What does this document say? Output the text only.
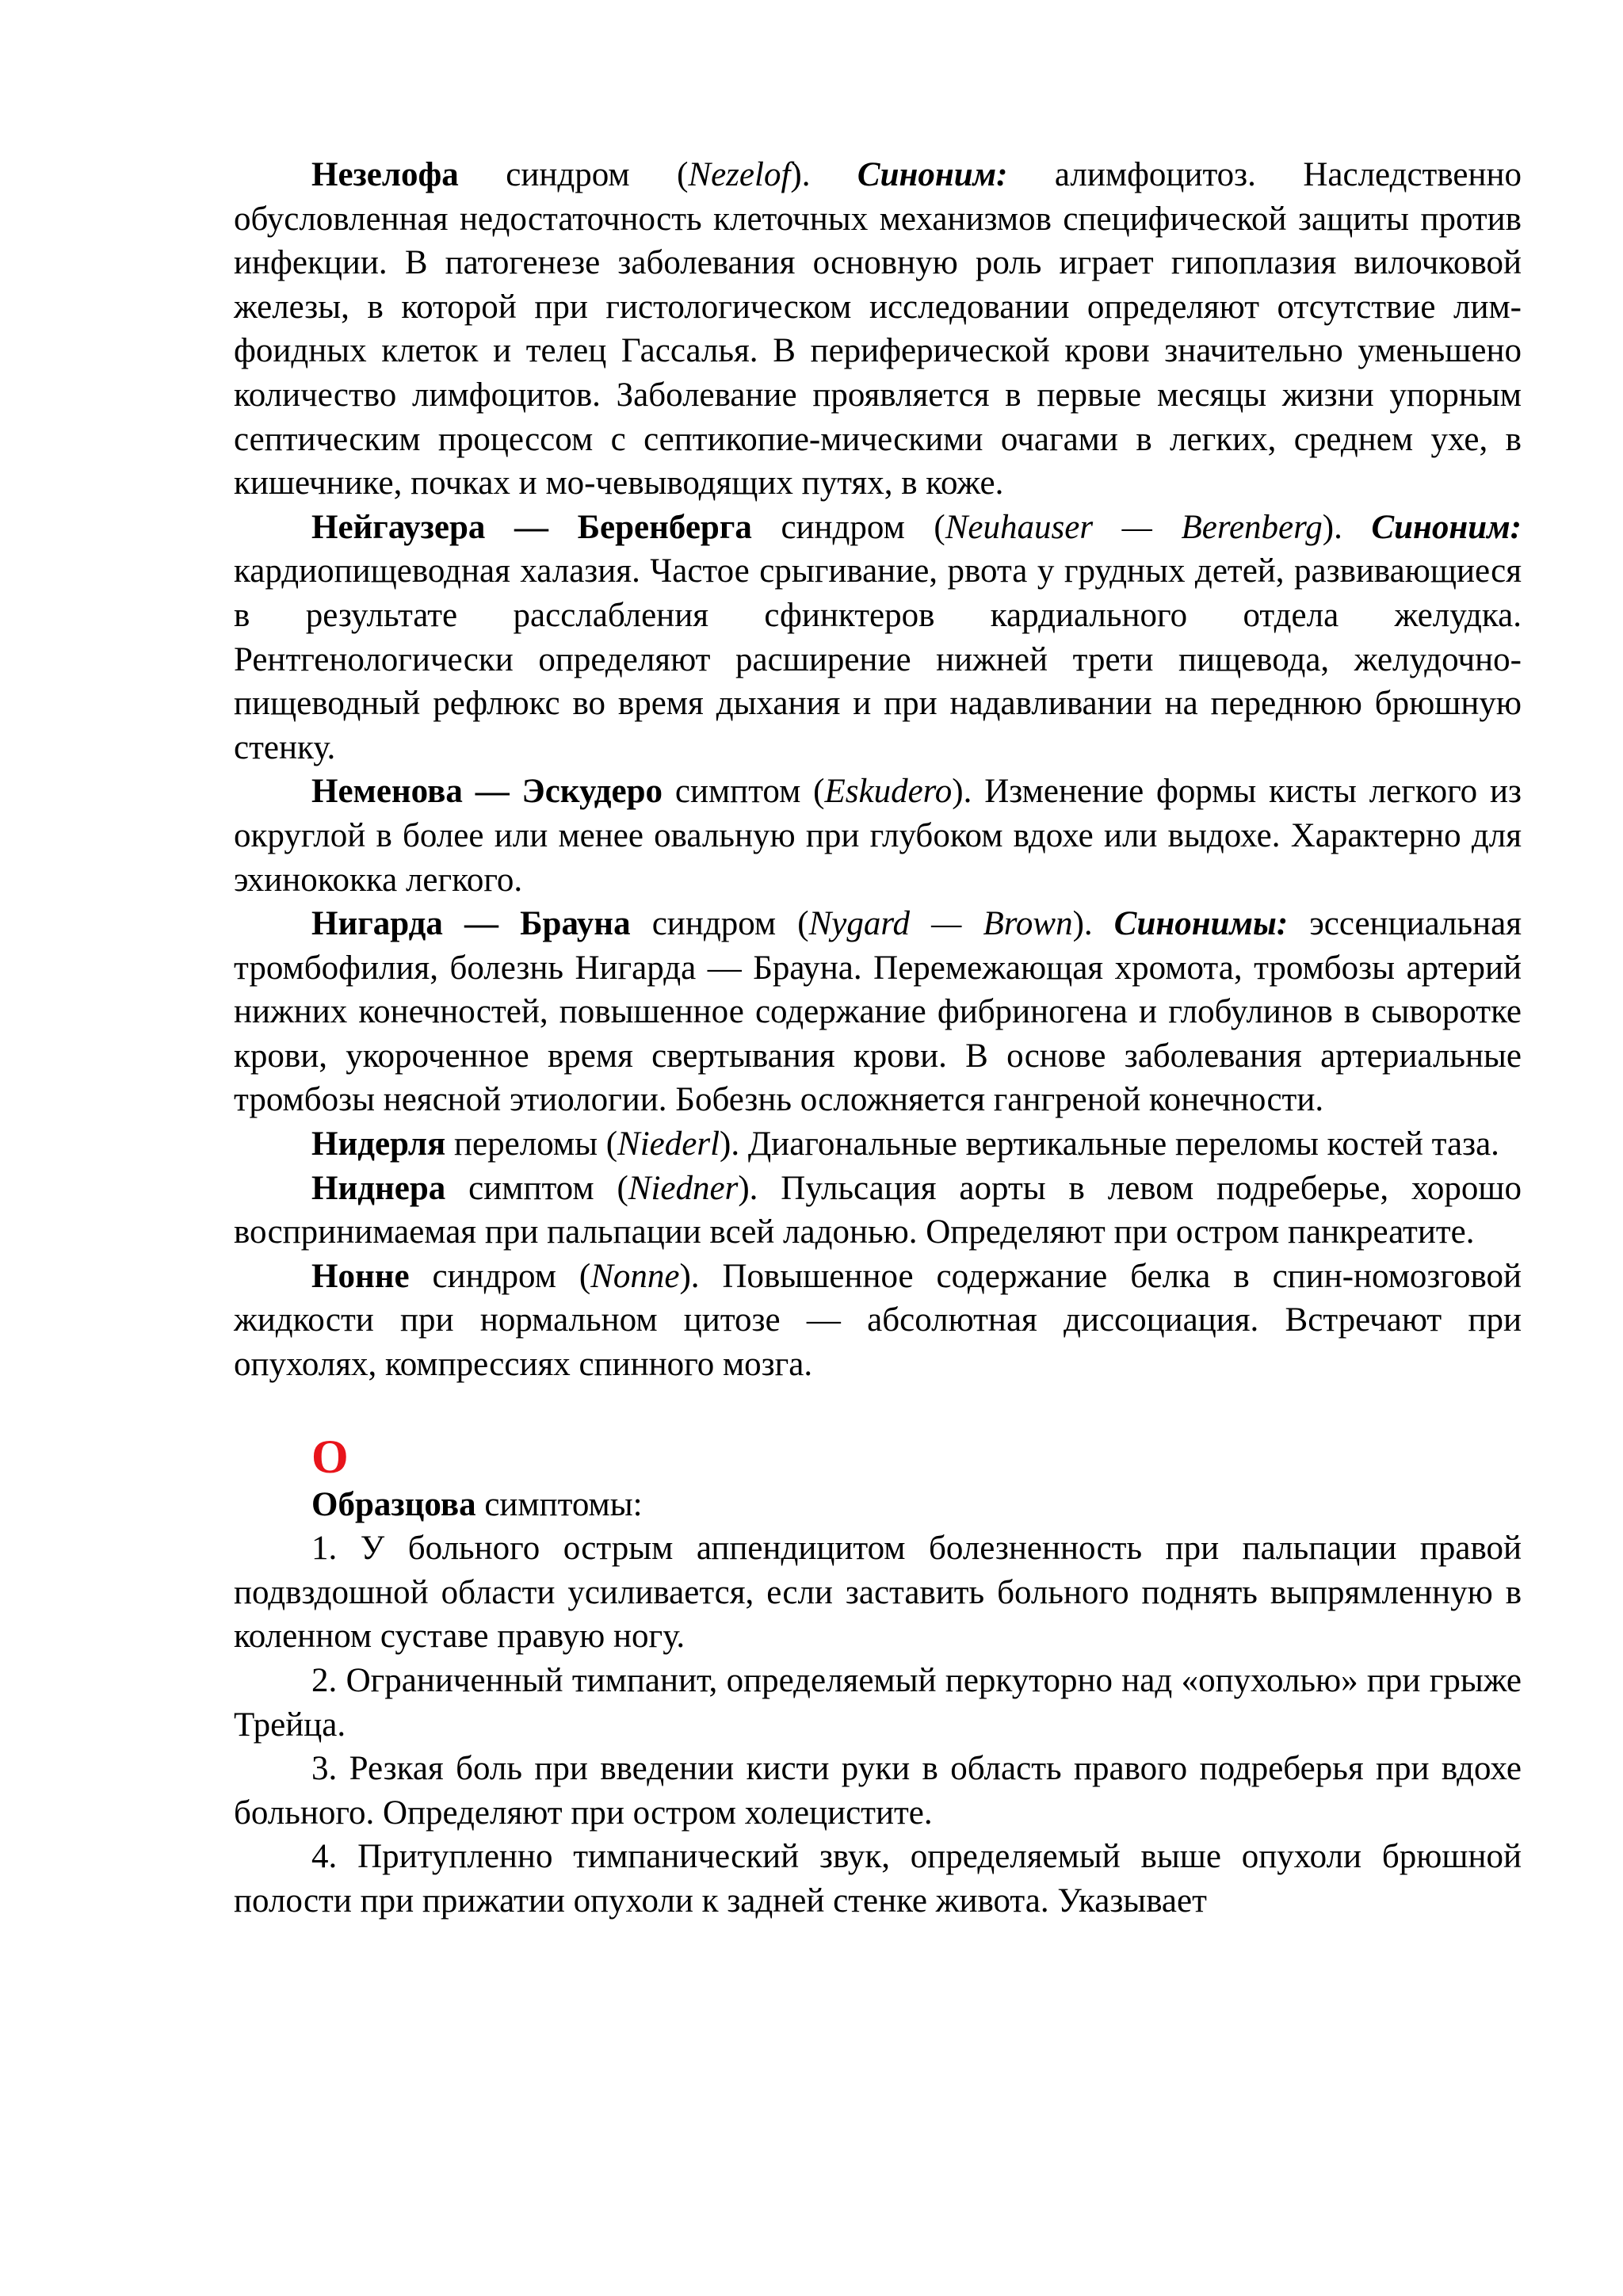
Незелофа синдром (Nezelof). Синоним: алимфоцитоз. Наследственно обусловленная недостаточность клеточных механизмов специфической защиты против инфекции. В патогенезе заболевания основную роль играет гипоплазия вилочковой железы, в которой при гистологическом исследовании определяют отсутствие лим-фоидных клеток и телец Гассалья. В периферической крови значительно уменьшено количество лимфоцитов. Заболевание проявляется в первые месяцы жизни упорным септическим процессом с септикопие-мическими очагами в легких, среднем ухе, в кишечнике, почках и мо-чевыводящих путях, в коже.

Нейгаузера — Беренберга синдром (Neuhauser — Berenberg). Синоним: кардиопищеводная халазия. Частое срыгивание, рвота у грудных детей, развивающиеся в результате расслабления сфинктеров кардиального отдела желудка. Рентгенологически определяют расширение нижней трети пищевода, желудочно-пищеводный рефлюкс во время дыхания и при надавливании на переднюю брюшную стенку.

Неменова — Эскудеро симптом (Eskudero). Изменение формы кисты легкого из округлой в более или менее овальную при глубоком вдохе или выдохе. Характерно для эхинококка легкого.

Нигарда — Брауна синдром (Nygard — Brown). Синонимы: эссенциальная тромбофилия, болезнь Нигарда — Брауна. Перемежающая хромота, тромбозы артерий нижних конечностей, повышенное содержание фибриногена и глобулинов в сыворотке крови, укороченное время свертывания крови. В основе заболевания артериальные тромбозы неясной этиологии. Бобезнь осложняется гангреной конечности.

Нидерля переломы (Niederl). Диагональные вертикальные переломы костей таза.

Ниднера симптом (Niedner). Пульсация аорты в левом подреберье, хорошо воспринимаемая при пальпации всей ладонью. Определяют при остром панкреатите.

Нонне синдром (Nonne). Повышенное содержание белка в спин-номозговой жидкости при нормальном цитозе — абсолютная диссоциация. Встречают при опухолях, компрессиях спинного мозга.

О

Образцова симптомы:

1. У больного острым аппендицитом болезненность при пальпации правой подвздошной области усиливается, если заставить больного поднять выпрямленную в коленном суставе правую ногу.

2. Ограниченный тимпанит, определяемый перкуторно над «опухолью» при грыже Трейца.

3. Резкая боль при введении кисти руки в область правого подреберья при вдохе больного. Определяют при остром холецистите.

4. Притупленно тимпанический звук, определяемый выше опухоли брюшной полости при прижатии опухоли к задней стенке живота. Указывает
